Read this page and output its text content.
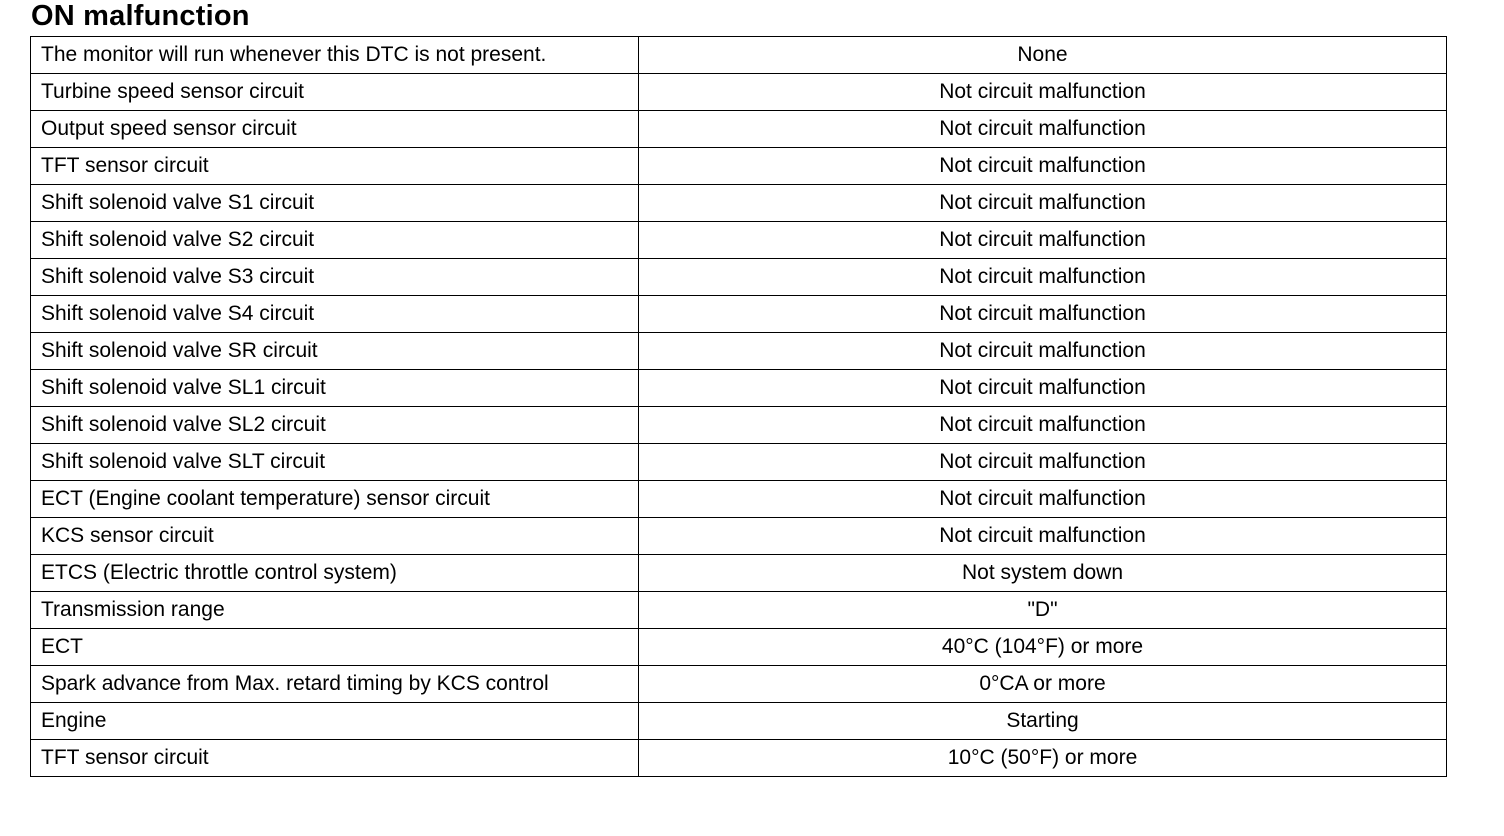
ON malfunction
The monitor will run whenever this DTC is not present.	None
Turbine speed sensor circuit	Not circuit malfunction
Output speed sensor circuit	Not circuit malfunction
TFT sensor circuit	Not circuit malfunction
Shift solenoid valve S1 circuit	Not circuit malfunction
Shift solenoid valve S2 circuit	Not circuit malfunction
Shift solenoid valve S3 circuit	Not circuit malfunction
Shift solenoid valve S4 circuit	Not circuit malfunction
Shift solenoid valve SR circuit	Not circuit malfunction
Shift solenoid valve SL1 circuit	Not circuit malfunction
Shift solenoid valve SL2 circuit	Not circuit malfunction
Shift solenoid valve SLT circuit	Not circuit malfunction
ECT (Engine coolant temperature) sensor circuit	Not circuit malfunction
KCS sensor circuit	Not circuit malfunction
ETCS (Electric throttle control system)	Not system down
Transmission range	"D"
ECT	40°C (104°F) or more
Spark advance from Max. retard timing by KCS control	0°CA or more
Engine	Starting
TFT sensor circuit	10°C (50°F) or more
